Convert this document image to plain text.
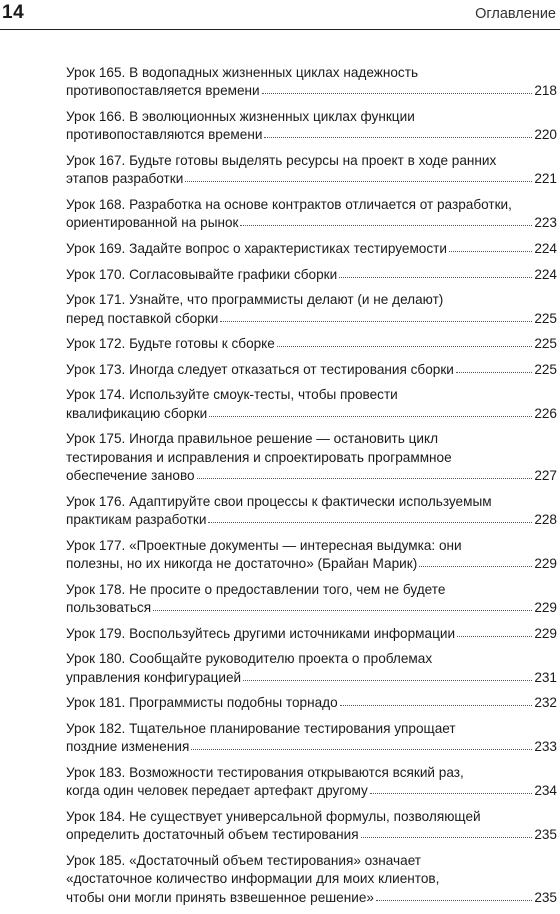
14	Оглавление
Урок 165. В водопадных жизненных циклах надежность
противопоставляется времени	218
Урок 166. В эволюционных жизненных циклах функции
противопоставляются времени	220
Урок 167. Будьте готовы выделять ресурсы на проект в ходе ранних
этапов разработки	221
Урок 168. Разработка на основе контрактов отличается от разработки,
ориентированной на рынок	223
Урок 169. Задайте вопрос о характеристиках тестируемости	224
Урок 170. Согласовывайте графики сборки	224
Урок 171. Узнайте, что программисты делают (и не делают)
перед поставкой сборки	225
Урок 172. Будьте готовы к сборке	225
Урок 173. Иногда следует отказаться от тестирования сборки	225
Урок 174. Используйте смоук-тесты, чтобы провести
квалификацию сборки	226
Урок 175. Иногда правильное решение — остановить цикл
тестирования и исправления и спроектировать программное
обеспечение заново	227
Урок 176. Адаптируйте свои процессы к фактически используемым
практикам разработки	228
Урок 177. «Проектные документы — интересная выдумка: они
полезны, но их никогда не достаточно» (Брайан Марик)	229
Урок 178. Не просите о предоставлении того, чем не будете
пользоваться	229
Урок 179. Воспользуйтесь другими источниками информации	229
Урок 180. Сообщайте руководителю проекта о проблемах
управления конфигурацией	231
Урок 181. Программисты подобны торнадо	232
Урок 182. Тщательное планирование тестирования упрощает
поздние изменения	233
Урок 183. Возможности тестирования открываются всякий раз,
когда один человек передает артефакт другому	234
Урок 184. Не существует универсальной формулы, позволяющей
определить достаточный объем тестирования	235
Урок 185. «Достаточный объем тестирования» означает
«достаточное количество информации для моих клиентов,
чтобы они могли принять взвешенное решение»	235
